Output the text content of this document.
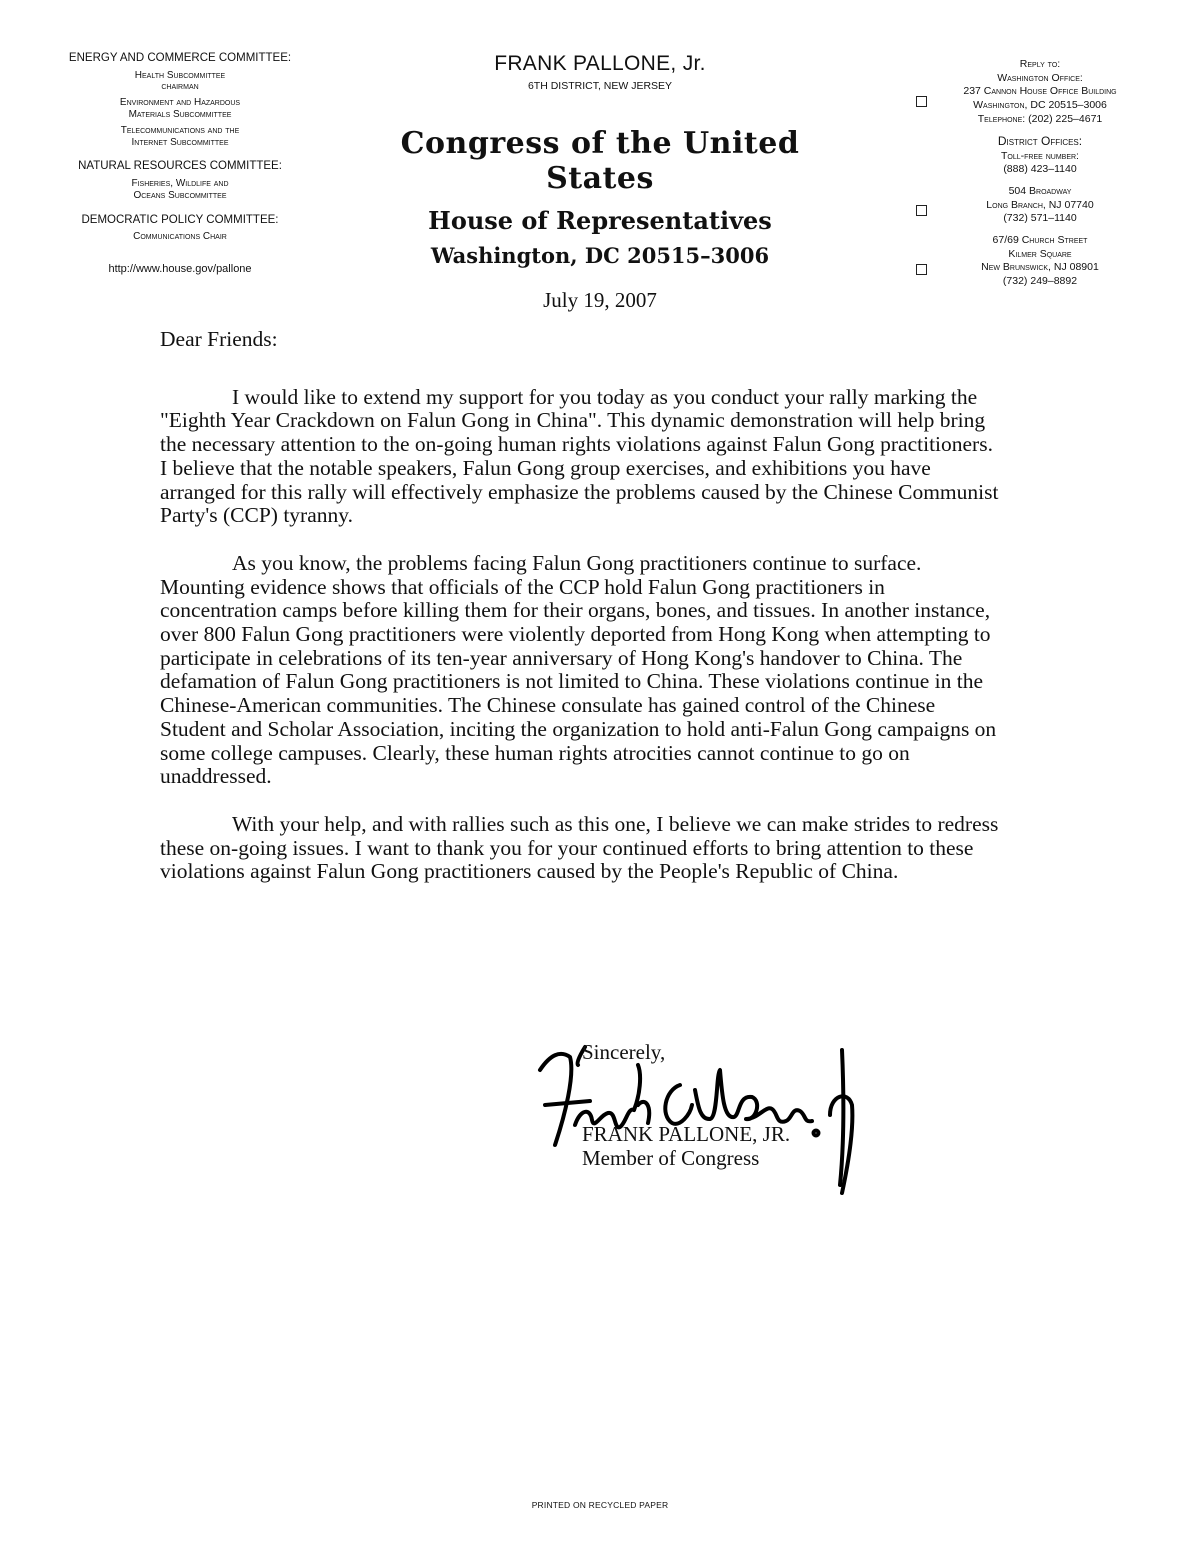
ENERGY AND COMMERCE COMMITTEE:
Health Subcommittee
chairman
Environment and Hazardous
Materials Subcommittee
Telecommunications and the
Internet Subcommittee
NATURAL RESOURCES COMMITTEE:
Fisheries, Wildlife and
Oceans Subcommittee
DEMOCRATIC POLICY COMMITTEE:
Communications Chair
http://www.house.gov/pallone
FRANK PALLONE, Jr.
6TH DISTRICT, NEW JERSEY
Congress of the United States
House of Representatives
Washington, DC 20515–3006
July 19, 2007
Reply to:
Washington Office:
237 Cannon House Office Building
Washington, DC 20515–3006
Telephone: (202) 225–4671
District Offices:
Toll-free number:
(888) 423–1140
504 Broadway
Long Branch, NJ 07740
(732) 571–1140
67/69 Church Street
Kilmer Square
New Brunswick, NJ 08901
(732) 249–8892

Dear Friends:

I would like to extend my support for you today as you conduct your rally marking the "Eighth Year Crackdown on Falun Gong in China". This dynamic demonstration will help bring the necessary attention to the on-going human rights violations against Falun Gong practitioners. I believe that the notable speakers, Falun Gong group exercises, and exhibitions you have arranged for this rally will effectively emphasize the problems caused by the Chinese Communist Party's (CCP) tyranny.

As you know, the problems facing Falun Gong practitioners continue to surface. Mounting evidence shows that officials of the CCP hold Falun Gong practitioners in concentration camps before killing them for their organs, bones, and tissues. In another instance, over 800 Falun Gong practitioners were violently deported from Hong Kong when attempting to participate in celebrations of its ten-year anniversary of Hong Kong's handover to China. The defamation of Falun Gong practitioners is not limited to China. These violations continue in the Chinese-American communities. The Chinese consulate has gained control of the Chinese Student and Scholar Association, inciting the organization to hold anti-Falun Gong campaigns on some college campuses. Clearly, these human rights atrocities cannot continue to go on unaddressed.

With your help, and with rallies such as this one, I believe we can make strides to redress these on-going issues. I want to thank you for your continued efforts to bring attention to these violations against Falun Gong practitioners caused by the People's Republic of China.

Sincerely,
FRANK PALLONE, JR.
Member of Congress
PRINTED ON RECYCLED PAPER
